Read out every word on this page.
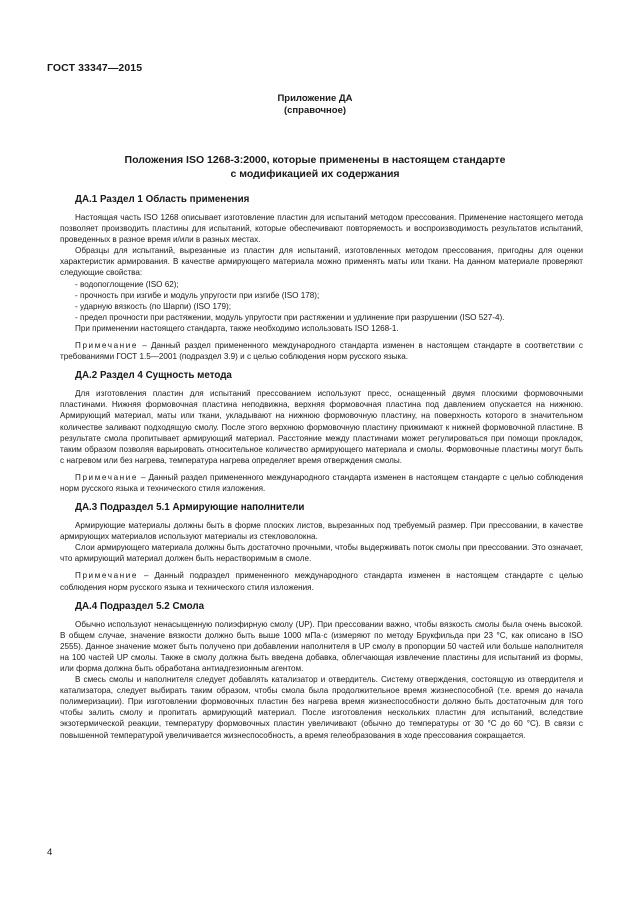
ГОСТ 33347—2015
Приложение ДА
(справочное)
Положения ISO 1268-3:2000, которые применены в настоящем стандарте
с модификацией их содержания
ДА.1 Раздел 1 Область применения

Настоящая часть ISO 1268 описывает изготовление пластин для испытаний методом прессования. Применение настоящего метода позволяет производить пластины для испытаний, которые обеспечивают повторяемость и воспроизводимость результатов испытаний, проведенных в разное время и/или в разных местах.

Образцы для испытаний, вырезанные из пластин для испытаний, изготовленных методом прессования, пригодны для оценки характеристик армирования. В качестве армирующего материала можно применять маты или ткани. На данном материале проверяют следующие свойства:

- водопоглощение (ISO 62);

- прочность при изгибе и модуль упругости при изгибе (ISO 178);

- ударную вязкость (по Шарпи) (ISO 179);

- предел прочности при растяжении, модуль упругости при растяжении и удлинение при разрушении (ISO 527-4).

При применении настоящего стандарта, также необходимо использовать ISO 1268-1.

Примечание – Данный раздел примененного международного стандарта изменен в настоящем стандарте в соответствии с требованиями ГОСТ 1.5—2001 (подраздел 3.9) и с целью соблюдения норм русского языка.

ДА.2 Раздел 4 Сущность метода

Для изготовления пластин для испытаний прессованием используют пресс, оснащенный двумя плоскими формовочными пластинами. Нижняя формовочная пластина неподвижна, верхняя формовочная пластина под давлением опускается на нижнюю. Армирующий материал, маты или ткани, укладывают на нижнюю формовочную пластину, на поверхность которого в значительном количестве заливают подходящую смолу. После этого верхнюю формовочную пластину прижимают к нижней формовочной пластине. В результате смола пропитывает армирующий материал. Расстояние между пластинами может регулироваться при помощи прокладок, таким образом позволяя варьировать относительное количество армирующего материала и смолы. Формовочные пластины могут быть с нагревом или без нагрева, температура нагрева определяет время отверждения смолы.

Примечание – Данный раздел примененного международного стандарта изменен в настоящем стандарте с целью соблюдения норм русского языка и технического стиля изложения.

ДА.3 Подраздел 5.1 Армирующие наполнители

Армирующие материалы должны быть в форме плоских листов, вырезанных под требуемый размер. При прессовании, в качестве армирующих материалов используют материалы из стекловолокна.

Слои армирующего материала должны быть достаточно прочными, чтобы выдерживать поток смолы при прессовании. Это означает, что армирующий материал должен быть нерастворимым в смоле.

Примечание – Данный подраздел примененного международного стандарта изменен в настоящем стандарте с целью соблюдения норм русского языка и технического стиля изложения.

ДА.4 Подраздел 5.2 Смола

Обычно используют ненасыщенную полиэфирную смолу (UP). При прессовании важно, чтобы вязкость смолы была очень высокой. В общем случае, значение вязкости должно быть выше 1000 мПа·с (измеряют по методу Брукфильда при 23 °С, как описано в ISO 2555). Данное значение может быть получено при добавлении наполнителя в UP смолу в пропорции 50 частей или больше наполнителя на 100 частей UP смолы. Также в смолу должна быть введена добавка, облегчающая извлечение пластины для испытаний из формы, или форма должна быть обработана антиадгезионным агентом.

В смесь смолы и наполнителя следует добавлять катализатор и отвердитель. Систему отверждения, состоящую из отвердителя и катализатора, следует выбирать таким образом, чтобы смола была продолжительное время жизнеспособной (т.е. время до начала полимеризации). При изготовлении формовочных пластин без нагрева время жизнеспособности должно быть достаточным для того чтобы залить смолу и пропитать армирующий материал. После изготовления нескольких пластин для испытаний, вследствие экзотермической реакции, температуру формовочных пластин увеличивают (обычно до температуры от 30 °С до 60 °С). В связи с повышенной температурой увеличивается жизнеспособность, а время гелеобразования в ходе прессования сокращается.

4
